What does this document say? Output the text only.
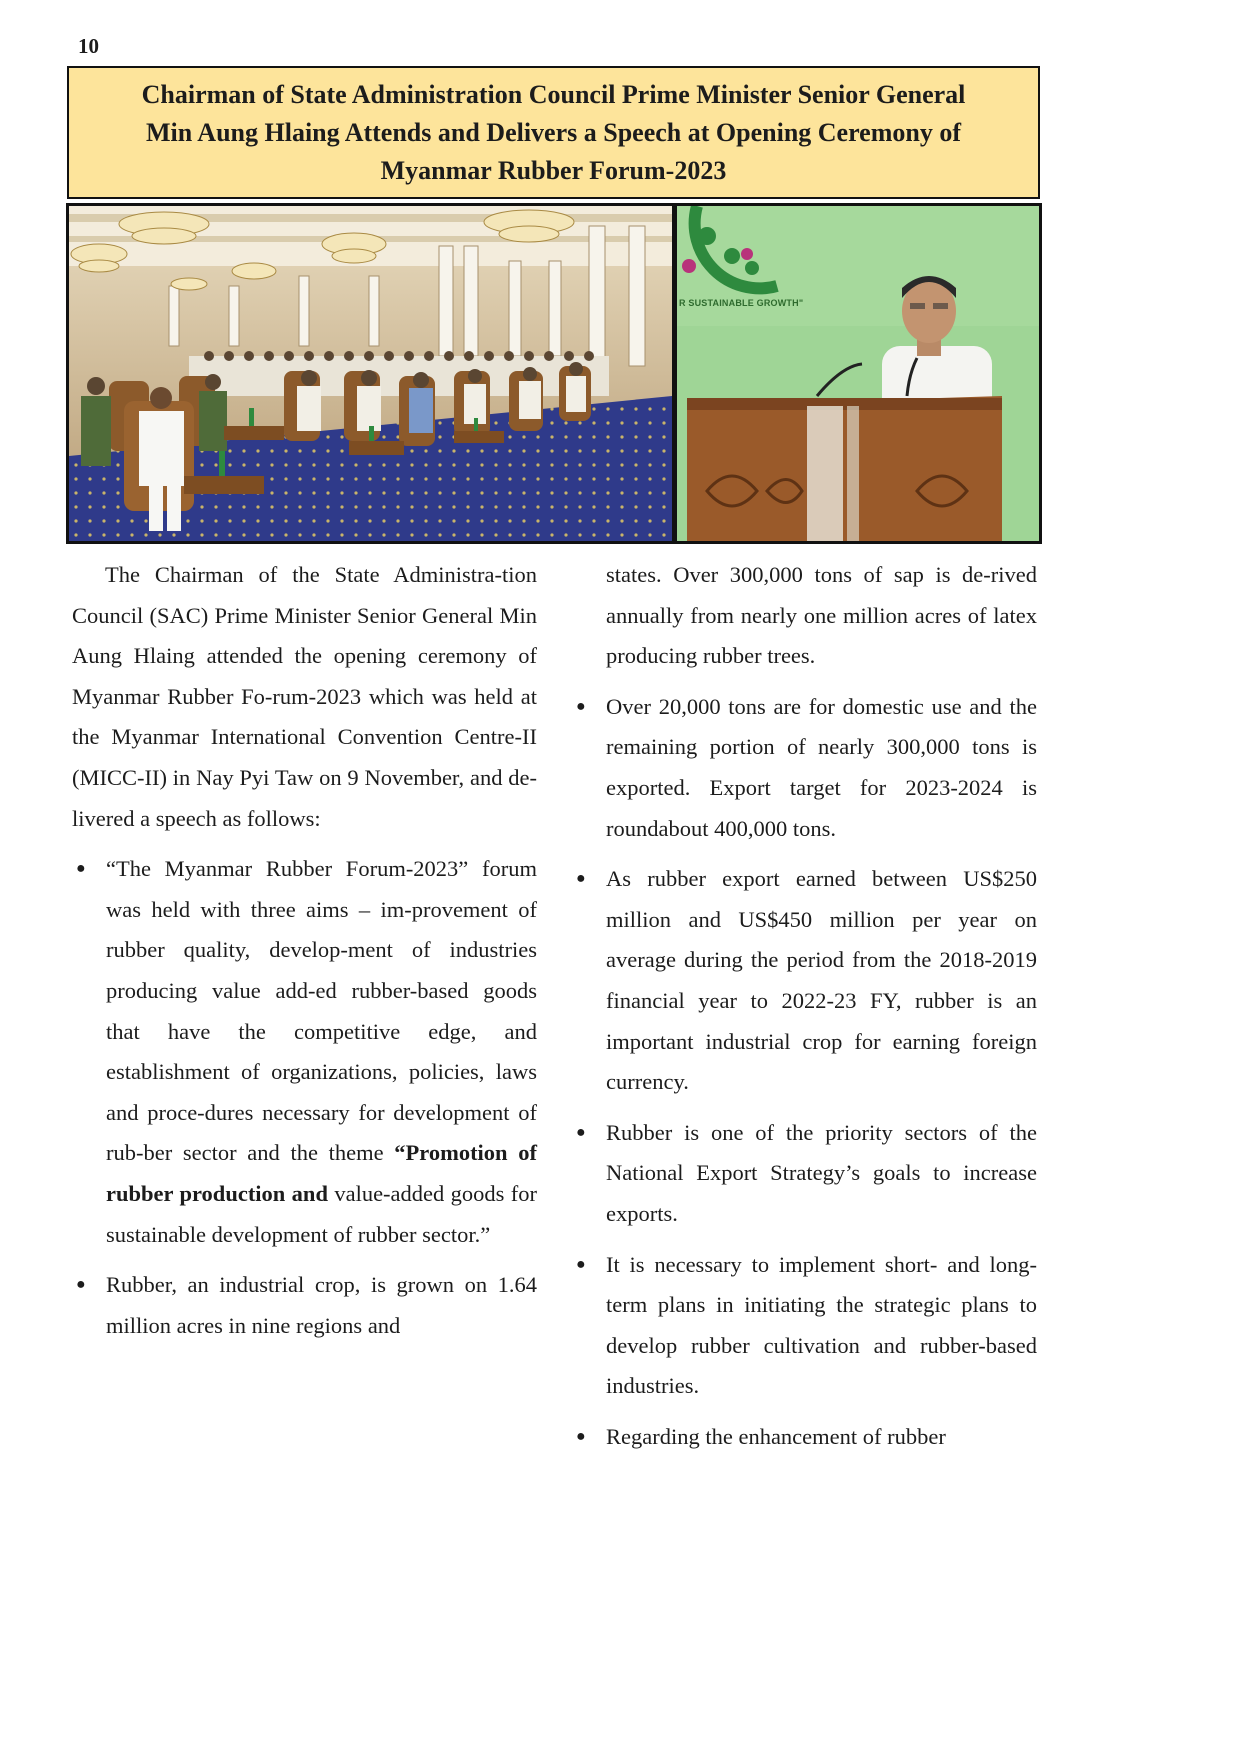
10
Chairman of State Administration Council Prime Minister Senior General
Min Aung Hlaing Attends and Delivers a Speech at Opening Ceremony of
Myanmar Rubber Forum-2023
R SUSTAINABLE GROWTH"

The Chairman of the State Administra-tion Council (SAC) Prime Minister Senior General Min Aung Hlaing attended the opening ceremony of Myanmar Rubber Fo-rum-2023 which was held at the Myanmar International Convention Centre-II (MICC-II) in Nay Pyi Taw on 9 November, and de-livered a speech as follows:

● “The Myanmar Rubber Forum-2023” forum was held with three aims – im-provement of rubber quality, develop-ment of industries producing value add-ed rubber-based goods that have the competitive edge, and establishment of organizations, policies, laws and proce-dures necessary for development of rub-ber sector and the theme “Promotion of rubber production and value-added goods for sustainable development of rubber sector.”
● Rubber, an industrial crop, is grown on 1.64 million acres in nine regions and

states. Over 300,000 tons of sap is de-rived annually from nearly one million acres of latex producing rubber trees.

● Over 20,000 tons are for domestic use and the remaining portion of nearly 300,000 tons is exported. Export target for 2023-2024 is roundabout 400,000 tons.
● As rubber export earned between US$250 million and US$450 million per year on average during the period from the 2018-2019 financial year to 2022-23 FY, rubber is an important industrial crop for earning foreign currency.
● Rubber is one of the priority sectors of the National Export Strategy’s goals to increase exports.
● It is necessary to implement short- and long-term plans in initiating the strategic plans to develop rubber cultivation and rubber-based industries.
● Regarding the enhancement of rubber
